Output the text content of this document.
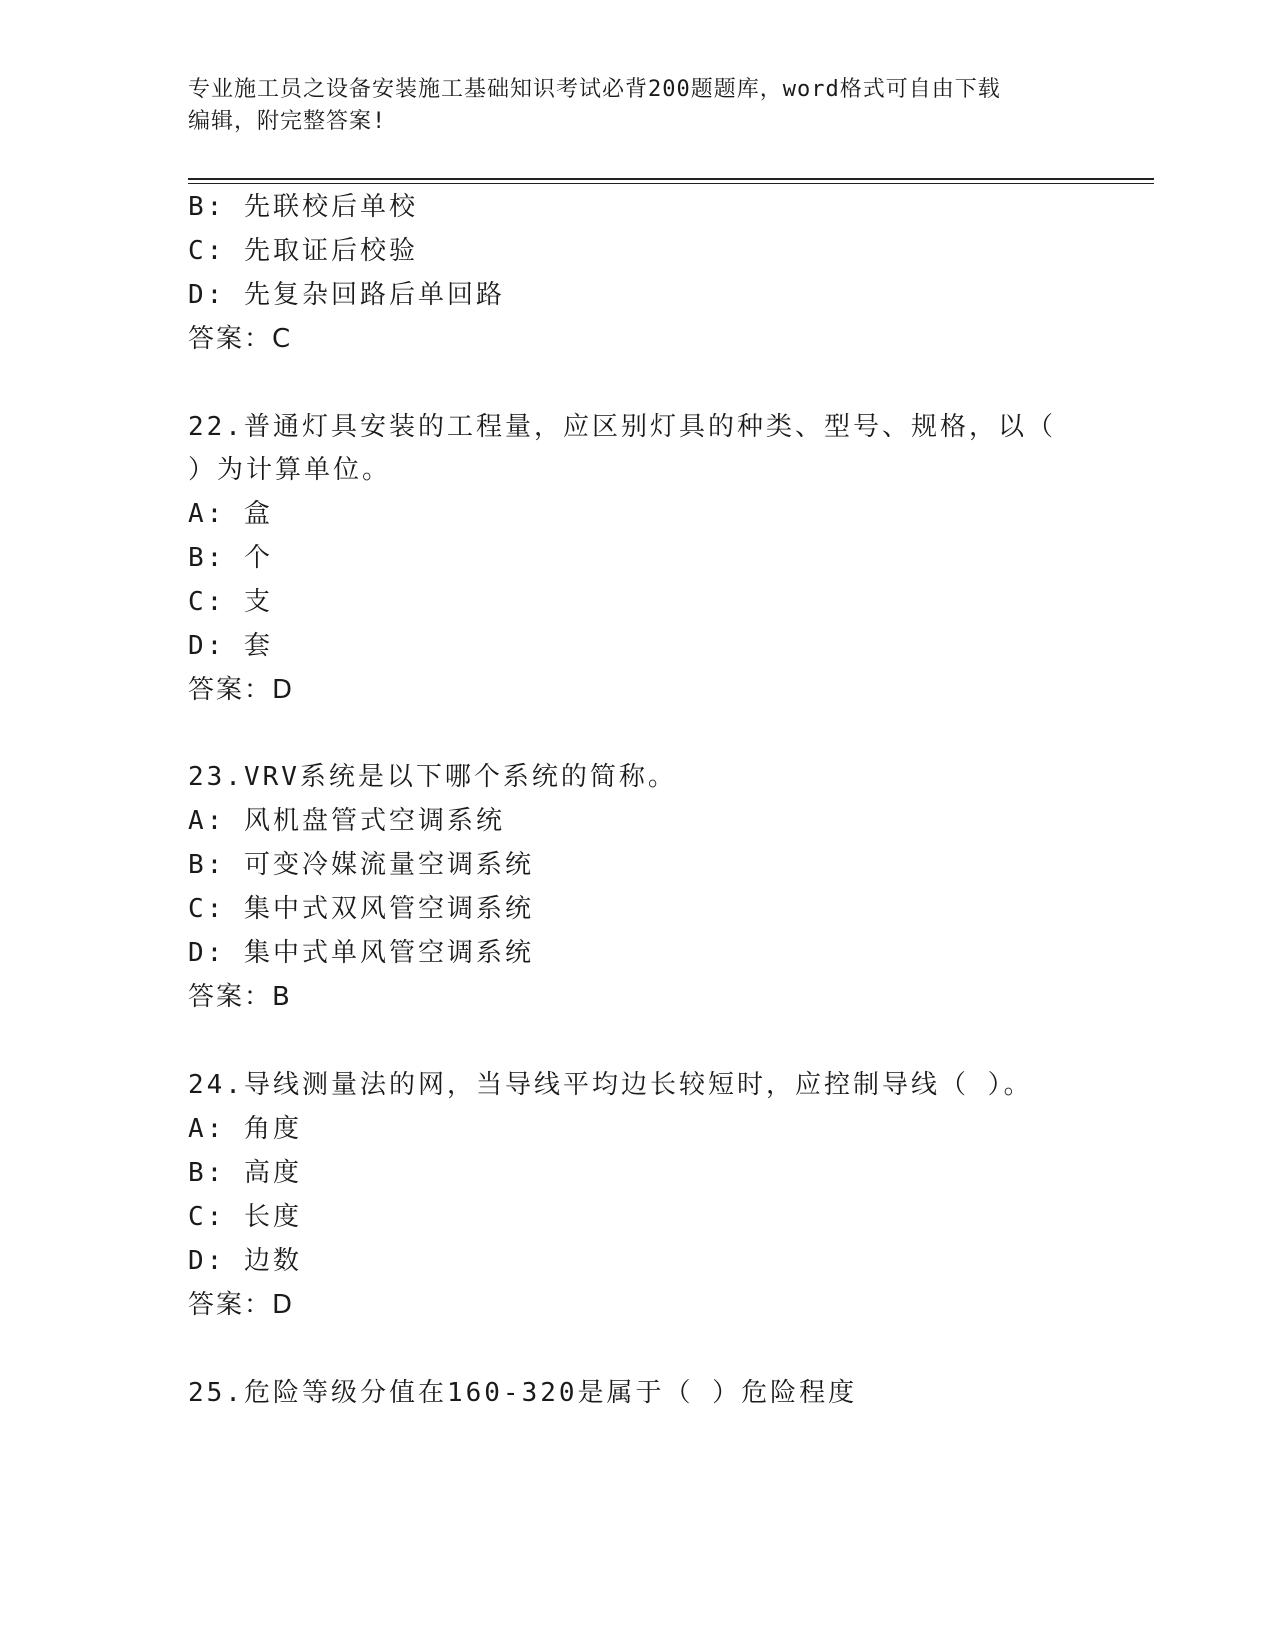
专业施工员之设备安装施工基础知识考试必背200题题库，word格式可自由下载
编辑，附完整答案!
B: 先联校后单校
C: 先取证后校验
D: 先复杂回路后单回路
答案：C
22.普通灯具安装的工程量，应区别灯具的种类、型号、规格，以（
）为计算单位。
A: 盒
B: 个
C: 支
D: 套
答案：D
23.VRV系统是以下哪个系统的简称。
A: 风机盘管式空调系统
B: 可变冷媒流量空调系统
C: 集中式双风管空调系统
D: 集中式单风管空调系统
答案：B
24.导线测量法的网，当导线平均边长较短时，应控制导线（ ）。
A: 角度
B: 高度
C: 长度
D: 边数
答案：D
25.危险等级分值在160-320是属于（ ）危险程度
